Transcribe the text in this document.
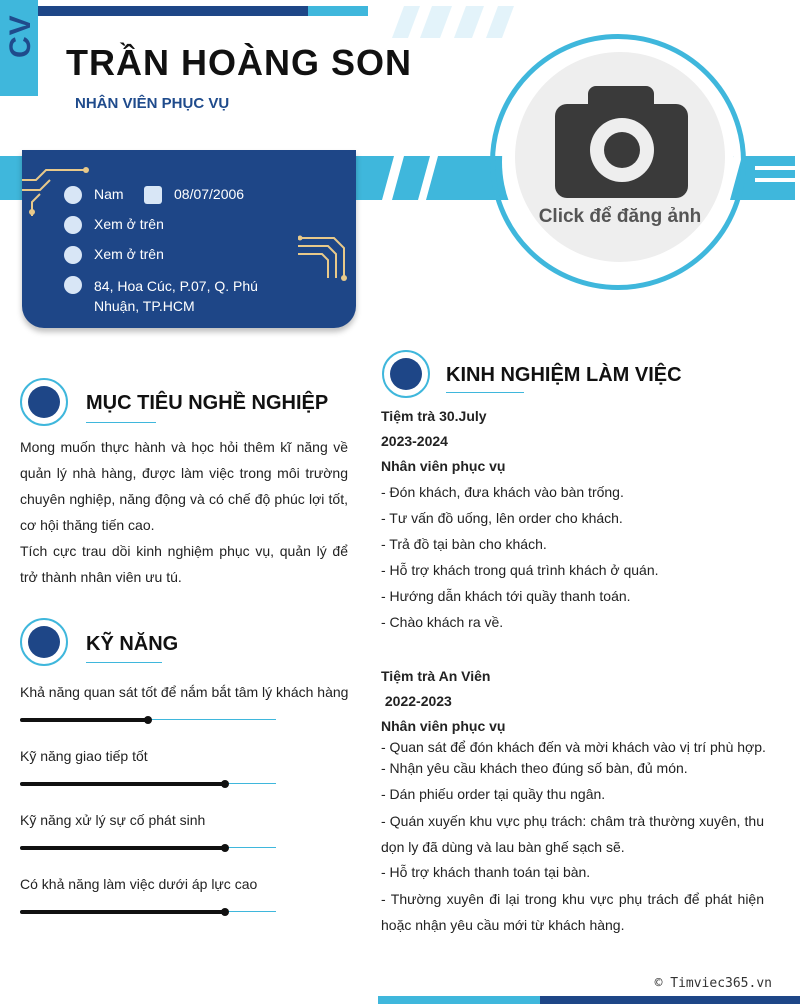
CV
TRẦN HOÀNG SON
NHÂN VIÊN PHỤC VỤ
Nam	08/07/2006
Xem ở trên
Xem ở trên
84, Hoa Cúc, P.07, Q. Phú Nhuận, TP.HCM
Click để đăng ảnh
MỤC TIÊU NGHỀ NGHIỆP
Mong muốn thực hành và học hỏi thêm kĩ năng về quản lý nhà hàng, được làm việc trong môi trường chuyên nghiệp, năng động và có chế độ phúc lợi tốt, cơ hội thăng tiến cao.
Tích cực trau dồi kinh nghiệm phục vụ, quản lý để trở thành nhân viên ưu tú.
KỸ NĂNG
Khả năng quan sát tốt để nắm bắt tâm lý khách hàng
Kỹ năng giao tiếp tốt
Kỹ năng xử lý sự cố phát sinh
Có khả năng làm việc dưới áp lực cao
KINH NGHIỆM LÀM VIỆC
Tiệm trà 30.July
2023-2024
Nhân viên phục vụ
- Đón khách, đưa khách vào bàn trống.
- Tư vấn đồ uống, lên order cho khách.
- Trả đồ tại bàn cho khách.
- Hỗ trợ khách trong quá trình khách ở quán.
- Hướng dẫn khách tới quầy thanh toán.
- Chào khách ra về.
Tiệm trà An Viên
2022-2023
Nhân viên phục vụ
- Quan sát để đón khách đến và mời khách vào vị trí phù hợp.
- Nhận yêu cầu khách theo đúng số bàn, đủ món.
- Dán phiếu order tại quầy thu ngân.
- Quán xuyến khu vực phụ trách: châm trà thường xuyên, thu dọn ly đã dùng và lau bàn ghế sạch sẽ.
- Hỗ trợ khách thanh toán tại bàn.
- Thường xuyên đi lại trong khu vực phụ trách để phát hiện hoặc nhận yêu cầu mới từ khách hàng.
© Timviec365.vn
